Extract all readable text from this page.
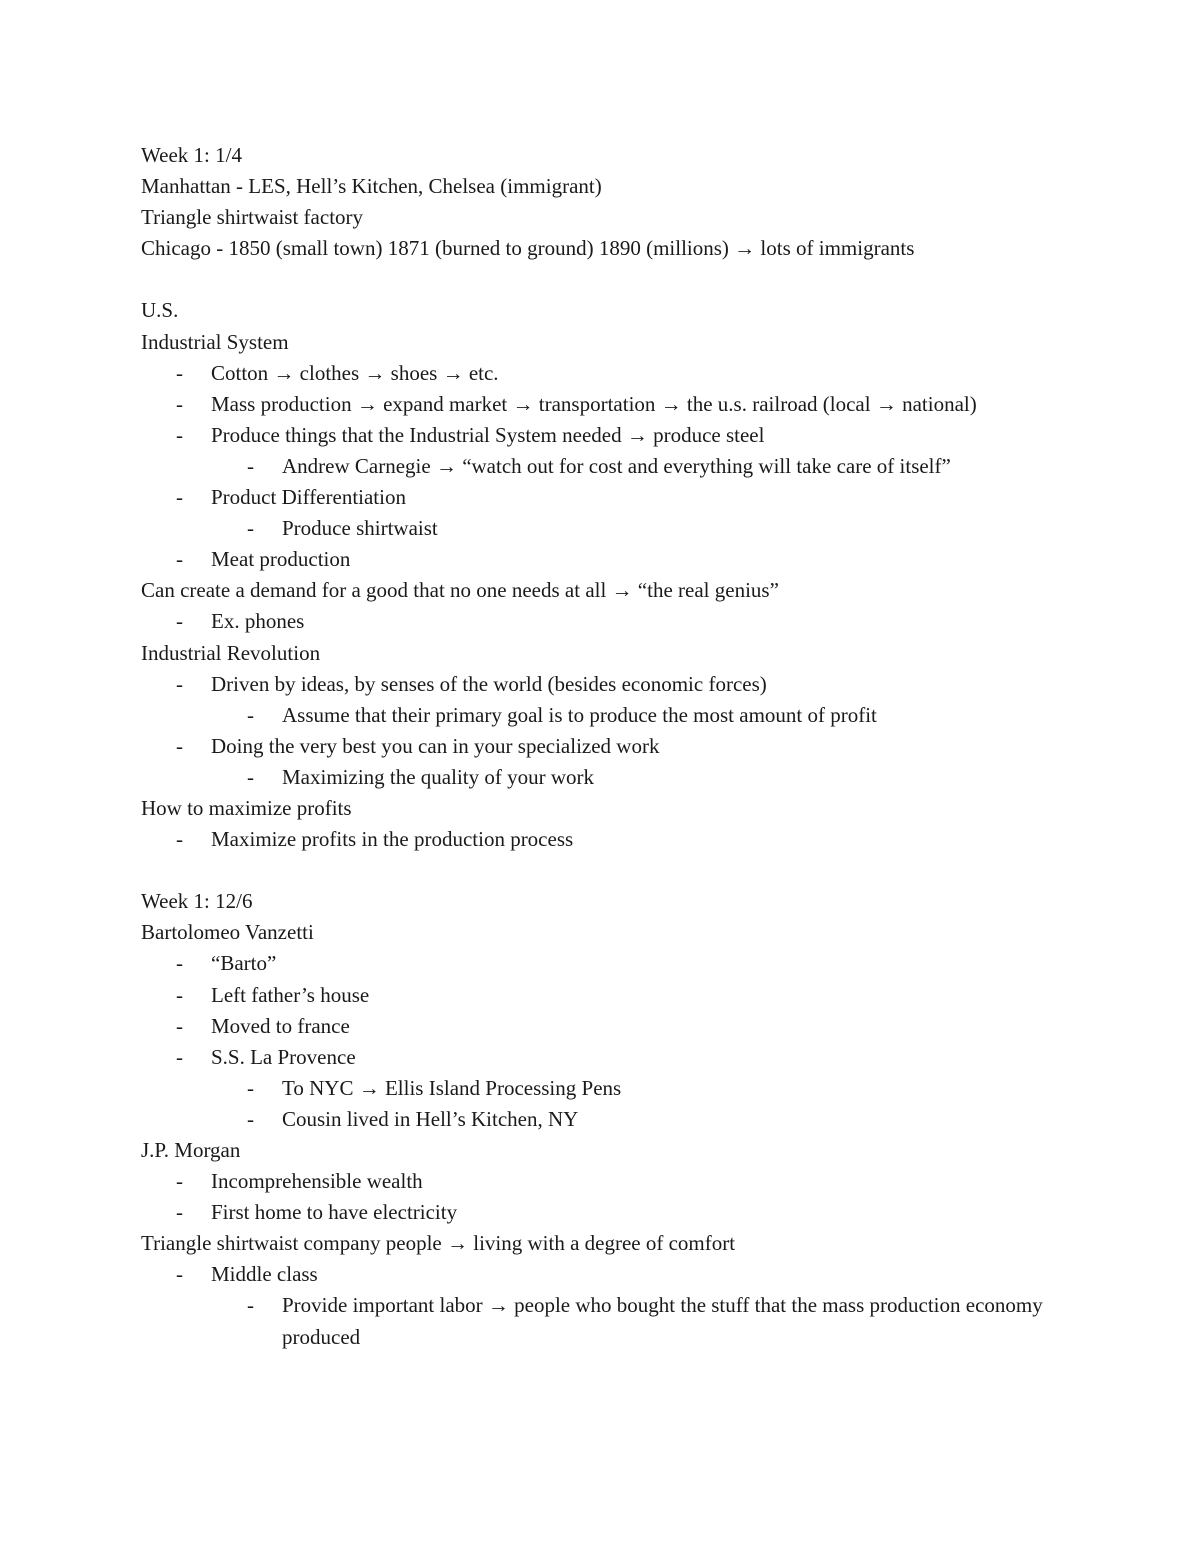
Week 1: 1/4
Manhattan - LES, Hell’s Kitchen, Chelsea (immigrant)
Triangle shirtwaist factory
Chicago - 1850 (small town) 1871 (burned to ground) 1890 (millions) → lots of immigrants
U.S.
Industrial System
- Cotton → clothes → shoes → etc.
- Mass production → expand market → transportation → the u.s. railroad (local → national)
- Produce things that the Industrial System needed → produce steel
- Andrew Carnegie → “watch out for cost and everything will take care of itself”
- Product Differentiation
- Produce shirtwaist
- Meat production
Can create a demand for a good that no one needs at all → “the real genius”
- Ex. phones
Industrial Revolution
- Driven by ideas, by senses of the world (besides economic forces)
- Assume that their primary goal is to produce the most amount of profit
- Doing the very best you can in your specialized work
- Maximizing the quality of your work
How to maximize profits
- Maximize profits in the production process
Week 1: 12/6
Bartolomeo Vanzetti
- “Barto”
- Left father’s house
- Moved to france
- S.S. La Provence
- To NYC → Ellis Island Processing Pens
- Cousin lived in Hell’s Kitchen, NY
J.P. Morgan
- Incomprehensible wealth
- First home to have electricity
Triangle shirtwaist company people → living with a degree of comfort
- Middle class
- Provide important labor → people who bought the stuff that the mass production economy produced
